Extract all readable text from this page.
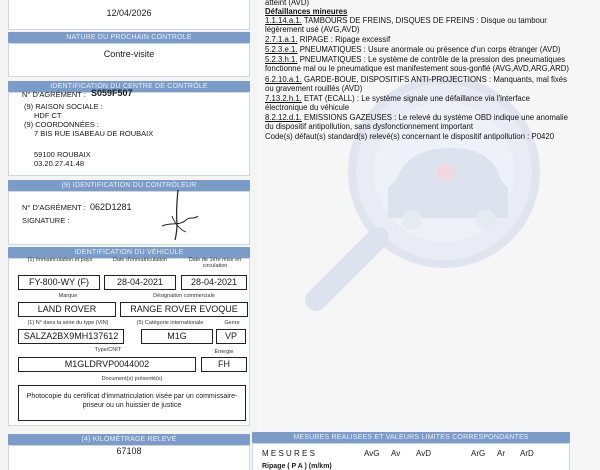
12/04/2026
NATURE DU PROCHAIN CONTROLE
Contre-visite
IDENTIFICATION DU CENTRE DE CONTRÔLE
N° D'AGRÉMENT : S059F507
(9) RAISON SOCIALE :
HDF CT
(9) COORDONNÉES :
7 BIS RUE ISABEAU DE ROUBAIX
59100 ROUBAIX
03.20.27.41.48
(9) IDENTIFICATION DU CONTRÔLEUR
N° D'AGRÉMENT : 062D1281
SIGNATURE :
IDENTIFICATION DU VÉHICULE
(1) Immatriculation et pays	Date d'immatriculation	Date de 1ère mise en circulation
FY-800-WY (F)	28-04-2021	28-04-2021
Marque	Désignation commerciale
LAND ROVER	RANGE ROVER EVOQUE
(1) N° dans la série du type (VIN)	(5) Catégorie internationale	Genre
SALZA2BX9MH137612	M1G	VP
Type/CNIT	Énergie
M1GLDRVP0044002	FH
Document(s) présenté(s)
Photocopie du certificat d'immatriculation visée par un commissaire-priseur ou un huissier de justice
(4) KILOMÉTRAGE RELEVÉ
67108
atteint (AVD)
Défaillances mineures
1.1.14.a.1. TAMBOURS DE FREINS, DISQUES DE FREINS : Disque ou tambour légèrement usé (AVG,AVD)
2.7.1.a.1. RIPAGE : Ripage excessif
5.2.3.e.1. PNEUMATIQUES : Usure anormale ou présence d'un corps étranger (AVD)
5.2.3.h.1. PNEUMATIQUES : Le système de contrôle de la pression des pneumatiques fonctionne mal ou le pneumatique est manifestement sous-gonflé (AVG,AVD,ARG,ARD)
6.2.10.a.1. GARDE-BOUE, DISPOSITIFS ANTI-PROJECTIONS : Manquants, mal fixés ou gravement rouillés (AVD)
7.13.2.h.1. ETAT (ECALL) : Le système signale une défaillance via l'interface électronique du véhicule
8.2.12.d.1. EMISSIONS GAZEUSES : Le relevé du système OBD indique une anomalie du dispositif antipollution, sans dysfonctionnement important
Code(s) défaut(s) standard(s) relevé(s) concernant le dispositif antipollution : P0420
MESURES REALISEES ET VALEURS LIMITES CORRESPONDANTES
M E S U R E S	AvG Av AvD	ArG Ar ArD
Ripage ( P A ) (m/km)
